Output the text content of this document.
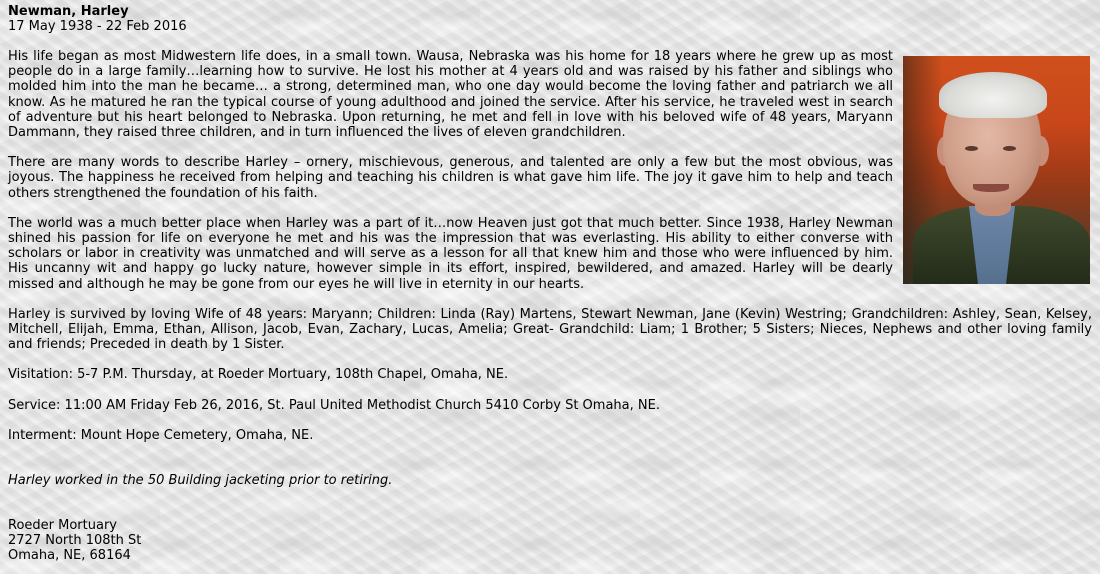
Newman, Harley
17 May 1938 - 22 Feb 2016

His life began as most Midwestern life does, in a small town. Wausa, Nebraska was his home for 18 years where he grew up as most people do in a large family…learning how to survive. He lost his mother at 4 years old and was raised by his father and siblings who molded him into the man he became… a strong, determined man, who one day would become the loving father and patriarch we all know. As he matured he ran the typical course of young adulthood and joined the service. After his service, he traveled west in search of adventure but his heart belonged to Nebraska. Upon returning, he met and fell in love with his beloved wife of 48 years, Maryann Dammann, they raised three children, and in turn influenced the lives of eleven grandchildren.

There are many words to describe Harley – ornery, mischievous, generous, and talented are only a few but the most obvious, was joyous. The happiness he received from helping and teaching his children is what gave him life. The joy it gave him to help and teach others strengthened the foundation of his faith.

The world was a much better place when Harley was a part of it…now Heaven just got that much better. Since 1938, Harley Newman shined his passion for life on everyone he met and his was the impression that was everlasting. His ability to either converse with scholars or labor in creativity was unmatched and will serve as a lesson for all that knew him and those who were influenced by him. His uncanny wit and happy go lucky nature, however simple in its effort, inspired, bewildered, and amazed. Harley will be dearly missed and although he may be gone from our eyes he will live in eternity in our hearts.

Harley is survived by loving Wife of 48 years: Maryann; Children: Linda (Ray) Martens, Stewart Newman, Jane (Kevin) Westring; Grandchildren: Ashley, Sean, Kelsey, Mitchell, Elijah, Emma, Ethan, Allison, Jacob, Evan, Zachary, Lucas, Amelia; Great- Grandchild: Liam; 1 Brother; 5 Sisters; Nieces, Nephews and other loving family and friends; Preceded in death by 1 Sister.

Visitation: 5-7 P.M. Thursday, at Roeder Mortuary, 108th Chapel, Omaha, NE.

Service: 11:00 AM Friday Feb 26, 2016, St. Paul United Methodist Church 5410 Corby St Omaha, NE.

Interment: Mount Hope Cemetery, Omaha, NE.

Harley worked in the 50 Building jacketing prior to retiring.

Roeder Mortuary
2727 North 108th St
Omaha, NE, 68164
